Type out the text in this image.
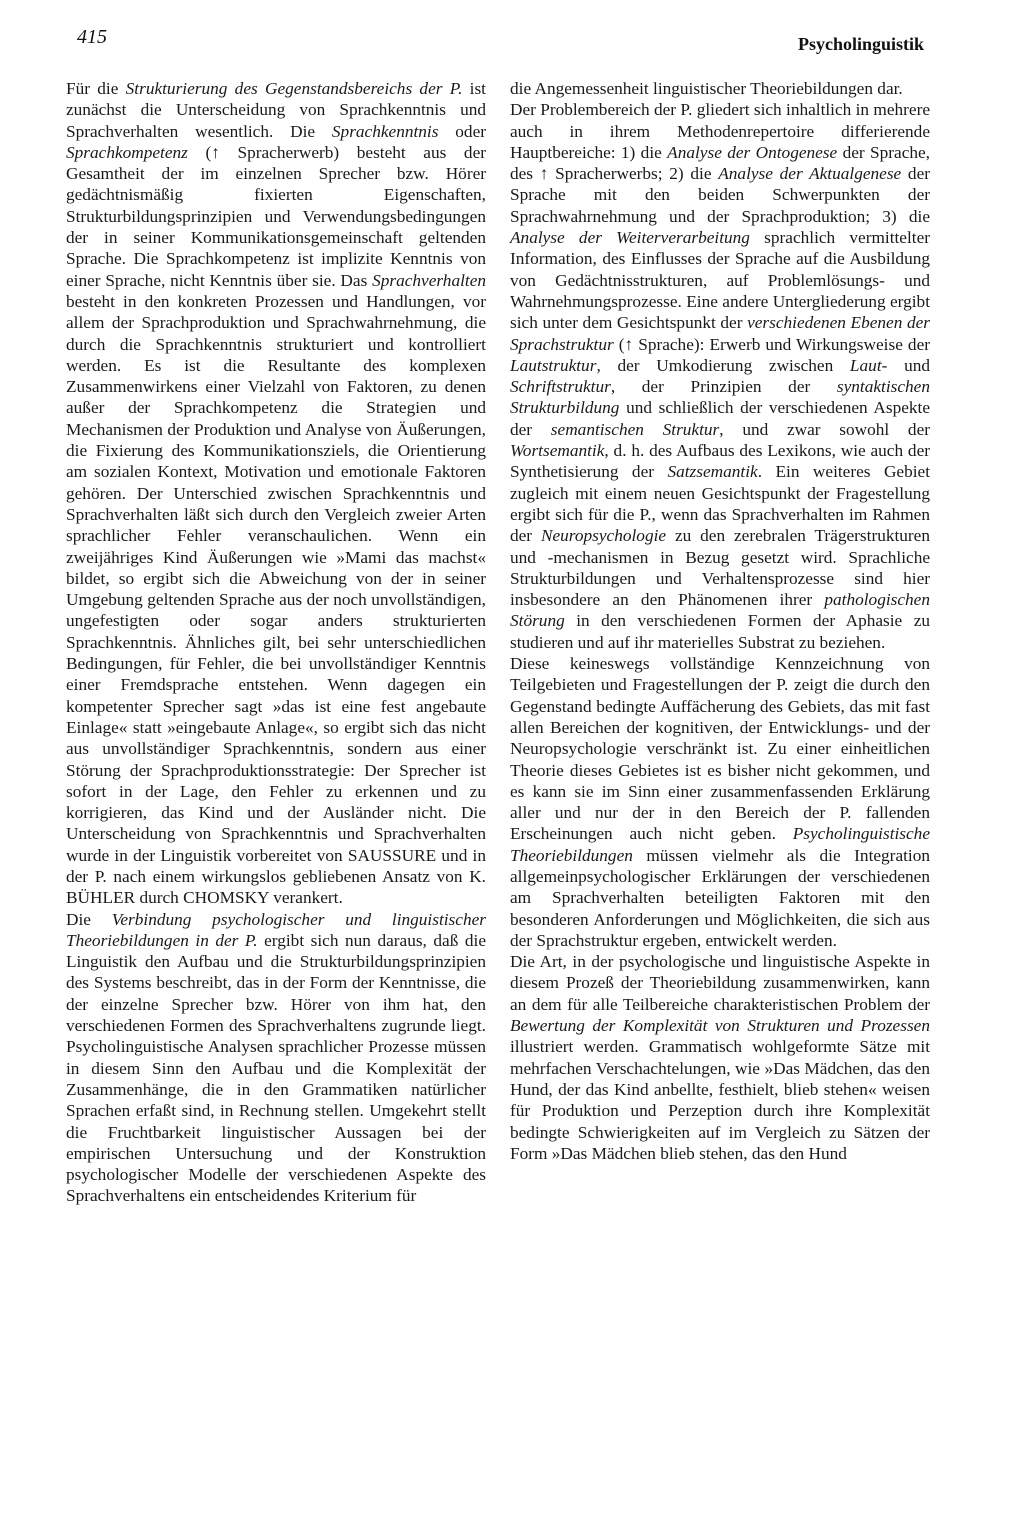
415	Psycholinguistik

Für die Strukturierung des Gegenstandsbereichs der P. ist zunächst die Unterscheidung von Sprachkenntnis und Sprachverhalten wesentlich. Die Sprachkenntnis oder Sprachkompetenz (↑ Spracherwerb) besteht aus der Gesamtheit der im einzelnen Sprecher bzw. Hörer gedächtnismäßig fixierten Eigenschaften, Strukturbildungsprinzipien und Verwendungsbedingungen der in seiner Kommunikationsgemeinschaft geltenden Sprache. Die Sprachkompetenz ist implizite Kenntnis von einer Sprache, nicht Kenntnis über sie. Das Sprachverhalten besteht in den konkreten Prozessen und Handlungen, vor allem der Sprachproduktion und Sprachwahrnehmung, die durch die Sprachkenntnis strukturiert und kontrolliert werden. Es ist die Resultante des komplexen Zusammenwirkens einer Vielzahl von Faktoren, zu denen außer der Sprachkompetenz die Strategien und Mechanismen der Produktion und Analyse von Äußerungen, die Fixierung des Kommunikationsziels, die Orientierung am sozialen Kontext, Motivation und emotionale Faktoren gehören. Der Unterschied zwischen Sprachkenntnis und Sprachverhalten läßt sich durch den Vergleich zweier Arten sprachlicher Fehler veranschaulichen. Wenn ein zweijähriges Kind Äußerungen wie »Mami das machst« bildet, so ergibt sich die Abweichung von der in seiner Umgebung geltenden Sprache aus der noch unvollständigen, ungefestigten oder sogar anders strukturierten Sprachkenntnis. Ähnliches gilt, bei sehr unterschiedlichen Bedingungen, für Fehler, die bei unvollständiger Kenntnis einer Fremdsprache entstehen. Wenn dagegen ein kompetenter Sprecher sagt »das ist eine fest angebaute Einlage« statt »eingebaute Anlage«, so ergibt sich das nicht aus unvollständiger Sprachkenntnis, sondern aus einer Störung der Sprachproduktionsstrategie: Der Sprecher ist sofort in der Lage, den Fehler zu erkennen und zu korrigieren, das Kind und der Ausländer nicht. Die Unterscheidung von Sprachkenntnis und Sprachverhalten wurde in der Linguistik vorbereitet von SAUSSURE und in der P. nach einem wirkungslos gebliebenen Ansatz von K. BÜHLER durch CHOMSKY verankert.

Die Verbindung psychologischer und linguistischer Theoriebildungen in der P. ergibt sich nun daraus, daß die Linguistik den Aufbau und die Strukturbildungsprinzipien des Systems beschreibt, das in der Form der Kenntnisse, die der einzelne Sprecher bzw. Hörer von ihm hat, den verschiedenen Formen des Sprachverhaltens zugrunde liegt. Psycholinguistische Analysen sprachlicher Prozesse müssen in diesem Sinn den Aufbau und die Komplexität der Zusammenhänge, die in den Grammatiken natürlicher Sprachen erfaßt sind, in Rechnung stellen. Umgekehrt stellt die Fruchtbarkeit linguistischer Aussagen bei der empirischen Untersuchung und der Konstruktion psychologischer Modelle der verschiedenen Aspekte des Sprachverhaltens ein entscheidendes Kriterium für

die Angemessenheit linguistischer Theoriebildungen dar.

Der Problembereich der P. gliedert sich inhaltlich in mehrere auch in ihrem Methodenrepertoire differierende Hauptbereiche: 1) die Analyse der Ontogenese der Sprache, des ↑ Spracherwerbs; 2) die Analyse der Aktualgenese der Sprache mit den beiden Schwerpunkten der Sprachwahrnehmung und der Sprachproduktion; 3) die Analyse der Weiterverarbeitung sprachlich vermittelter Information, des Einflusses der Sprache auf die Ausbildung von Gedächtnisstrukturen, auf Problemlösungs- und Wahrnehmungsprozesse. Eine andere Untergliederung ergibt sich unter dem Gesichtspunkt der verschiedenen Ebenen der Sprachstruktur (↑ Sprache): Erwerb und Wirkungsweise der Lautstruktur, der Umkodierung zwischen Laut- und Schriftstruktur, der Prinzipien der syntaktischen Strukturbildung und schließlich der verschiedenen Aspekte der semantischen Struktur, und zwar sowohl der Wortsemantik, d. h. des Aufbaus des Lexikons, wie auch der Synthetisierung der Satzsemantik. Ein weiteres Gebiet zugleich mit einem neuen Gesichtspunkt der Fragestellung ergibt sich für die P., wenn das Sprachverhalten im Rahmen der Neuropsychologie zu den zerebralen Trägerstrukturen und -mechanismen in Bezug gesetzt wird. Sprachliche Strukturbildungen und Verhaltensprozesse sind hier insbesondere an den Phänomenen ihrer pathologischen Störung in den verschiedenen Formen der Aphasie zu studieren und auf ihr materielles Substrat zu beziehen.

Diese keineswegs vollständige Kennzeichnung von Teilgebieten und Fragestellungen der P. zeigt die durch den Gegenstand bedingte Auffächerung des Gebiets, das mit fast allen Bereichen der kognitiven, der Entwicklungs- und der Neuropsychologie verschränkt ist. Zu einer einheitlichen Theorie dieses Gebietes ist es bisher nicht gekommen, und es kann sie im Sinn einer zusammenfassenden Erklärung aller und nur der in den Bereich der P. fallenden Erscheinungen auch nicht geben. Psycholinguistische Theoriebildungen müssen vielmehr als die Integration allgemeinpsychologischer Erklärungen der verschiedenen am Sprachverhalten beteiligten Faktoren mit den besonderen Anforderungen und Möglichkeiten, die sich aus der Sprachstruktur ergeben, entwickelt werden.

Die Art, in der psychologische und linguistische Aspekte in diesem Prozeß der Theoriebildung zusammenwirken, kann an dem für alle Teilbereiche charakteristischen Problem der Bewertung der Komplexität von Strukturen und Prozessen illustriert werden. Grammatisch wohlgeformte Sätze mit mehrfachen Verschachtelungen, wie »Das Mädchen, das den Hund, der das Kind anbellte, festhielt, blieb stehen« weisen für Produktion und Perzeption durch ihre Komplexität bedingte Schwierigkeiten auf im Vergleich zu Sätzen der Form »Das Mädchen blieb stehen, das den Hund
